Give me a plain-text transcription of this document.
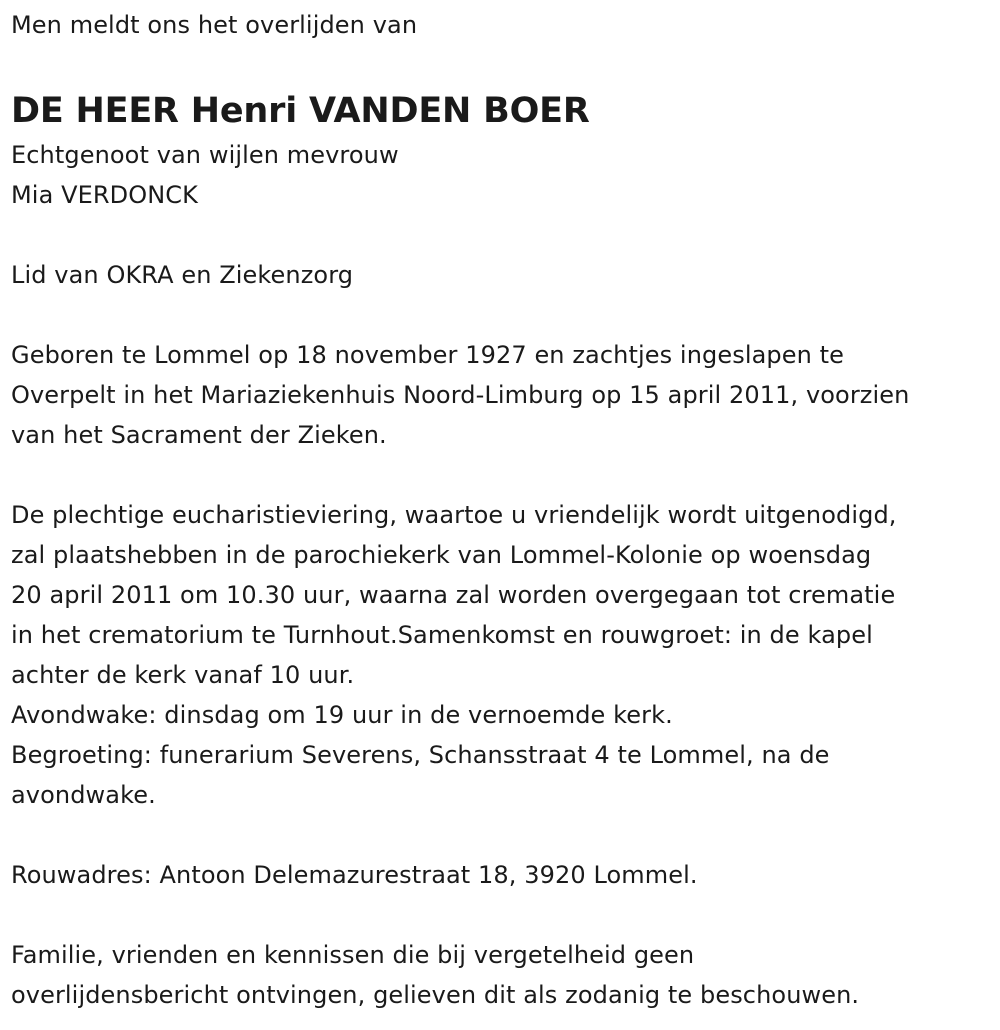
Men meldt ons het overlijden van
DE HEER Henri VANDEN BOER
Echtgenoot van wijlen mevrouw
Mia VERDONCK
Lid van OKRA en Ziekenzorg
Geboren te Lommel op 18 november 1927 en zachtjes ingeslapen te
Overpelt in het Mariaziekenhuis Noord-Limburg op 15 april 2011, voorzien
van het Sacrament der Zieken.
De plechtige eucharistieviering, waartoe u vriendelijk wordt uitgenodigd,
zal plaatshebben in de parochiekerk van Lommel-Kolonie op woensdag
20 april 2011 om 10.30 uur, waarna zal worden overgegaan tot crematie
in het crematorium te Turnhout.Samenkomst en rouwgroet: in de kapel
achter de kerk vanaf 10 uur.
Avondwake: dinsdag om 19 uur in de vernoemde kerk.
Begroeting: funerarium Severens, Schansstraat 4 te Lommel, na de
avondwake.
Rouwadres: Antoon Delemazurestraat 18, 3920 Lommel.
Familie, vrienden en kennissen die bij vergetelheid geen
overlijdensbericht ontvingen, gelieven dit als zodanig te beschouwen.
